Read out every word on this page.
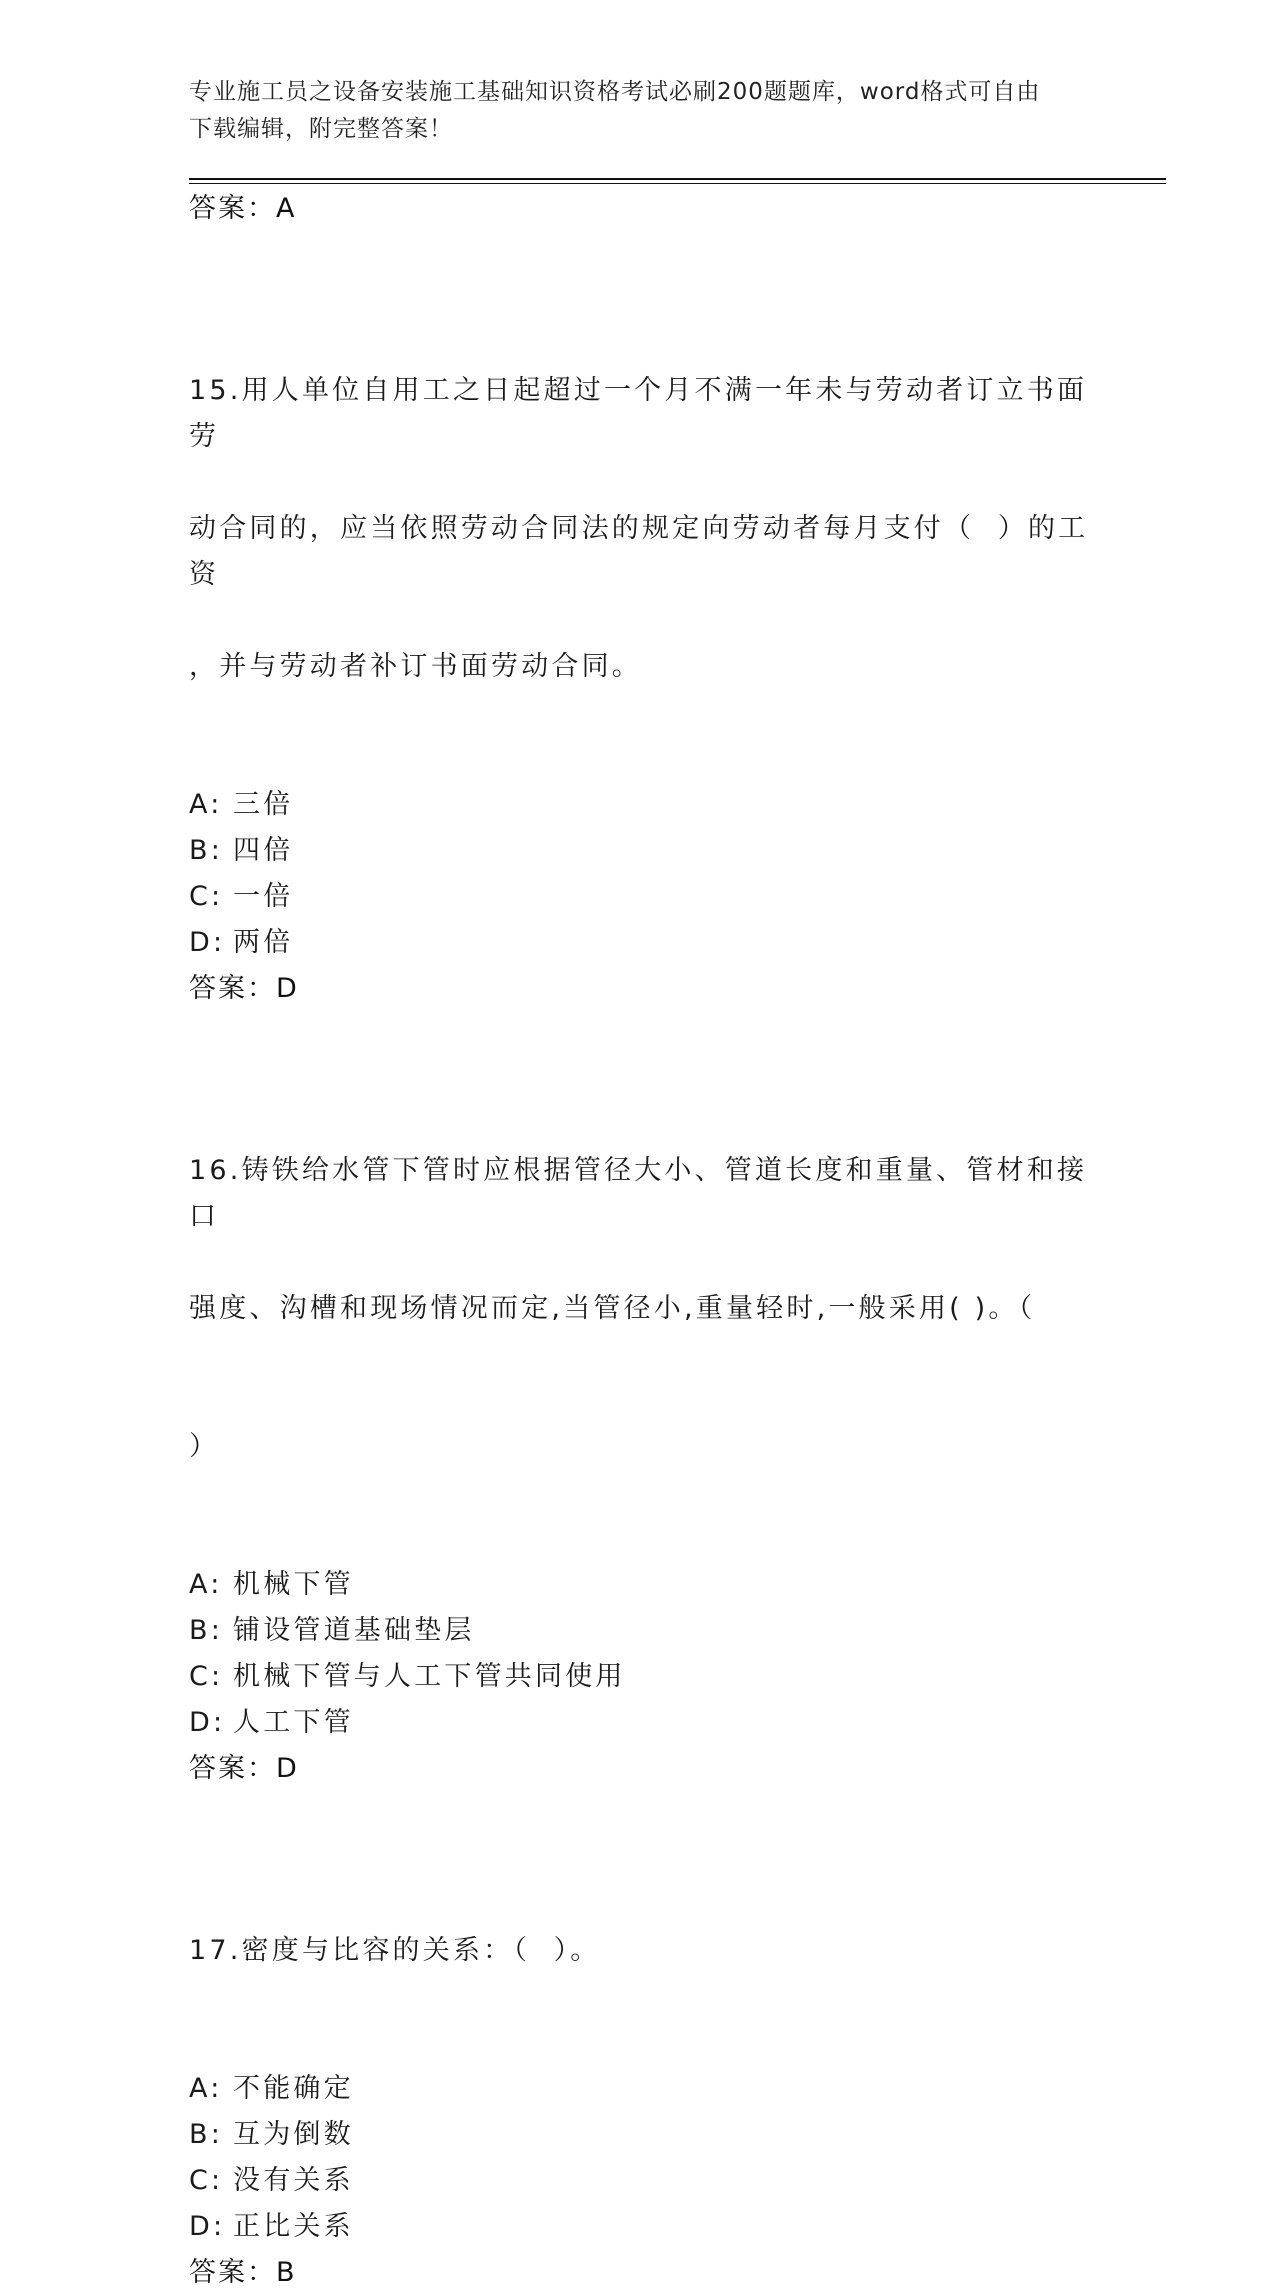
专业施工员之设备安装施工基础知识资格考试必刷200题题库，word格式可自由
下载编辑，附完整答案！
答案：A

15.用人单位自用工之日起超过一个月不满一年未与劳动者订立书面劳

动合同的，应当依照劳动合同法的规定向劳动者每月支付（  ）的工资

，并与劳动者补订书面劳动合同。

A: 三倍
B: 四倍
C: 一倍
D: 两倍
答案：D

16.铸铁给水管下管时应根据管径大小、管道长度和重量、管材和接口

强度、沟槽和现场情况而定,当管径小,重量轻时,一般采用( )。（

）

A: 机械下管
B: 铺设管道基础垫层
C: 机械下管与人工下管共同使用
D: 人工下管
答案：D

17.密度与比容的关系：（  ）。

A: 不能确定
B: 互为倒数
C: 没有关系
D: 正比关系
答案：B
